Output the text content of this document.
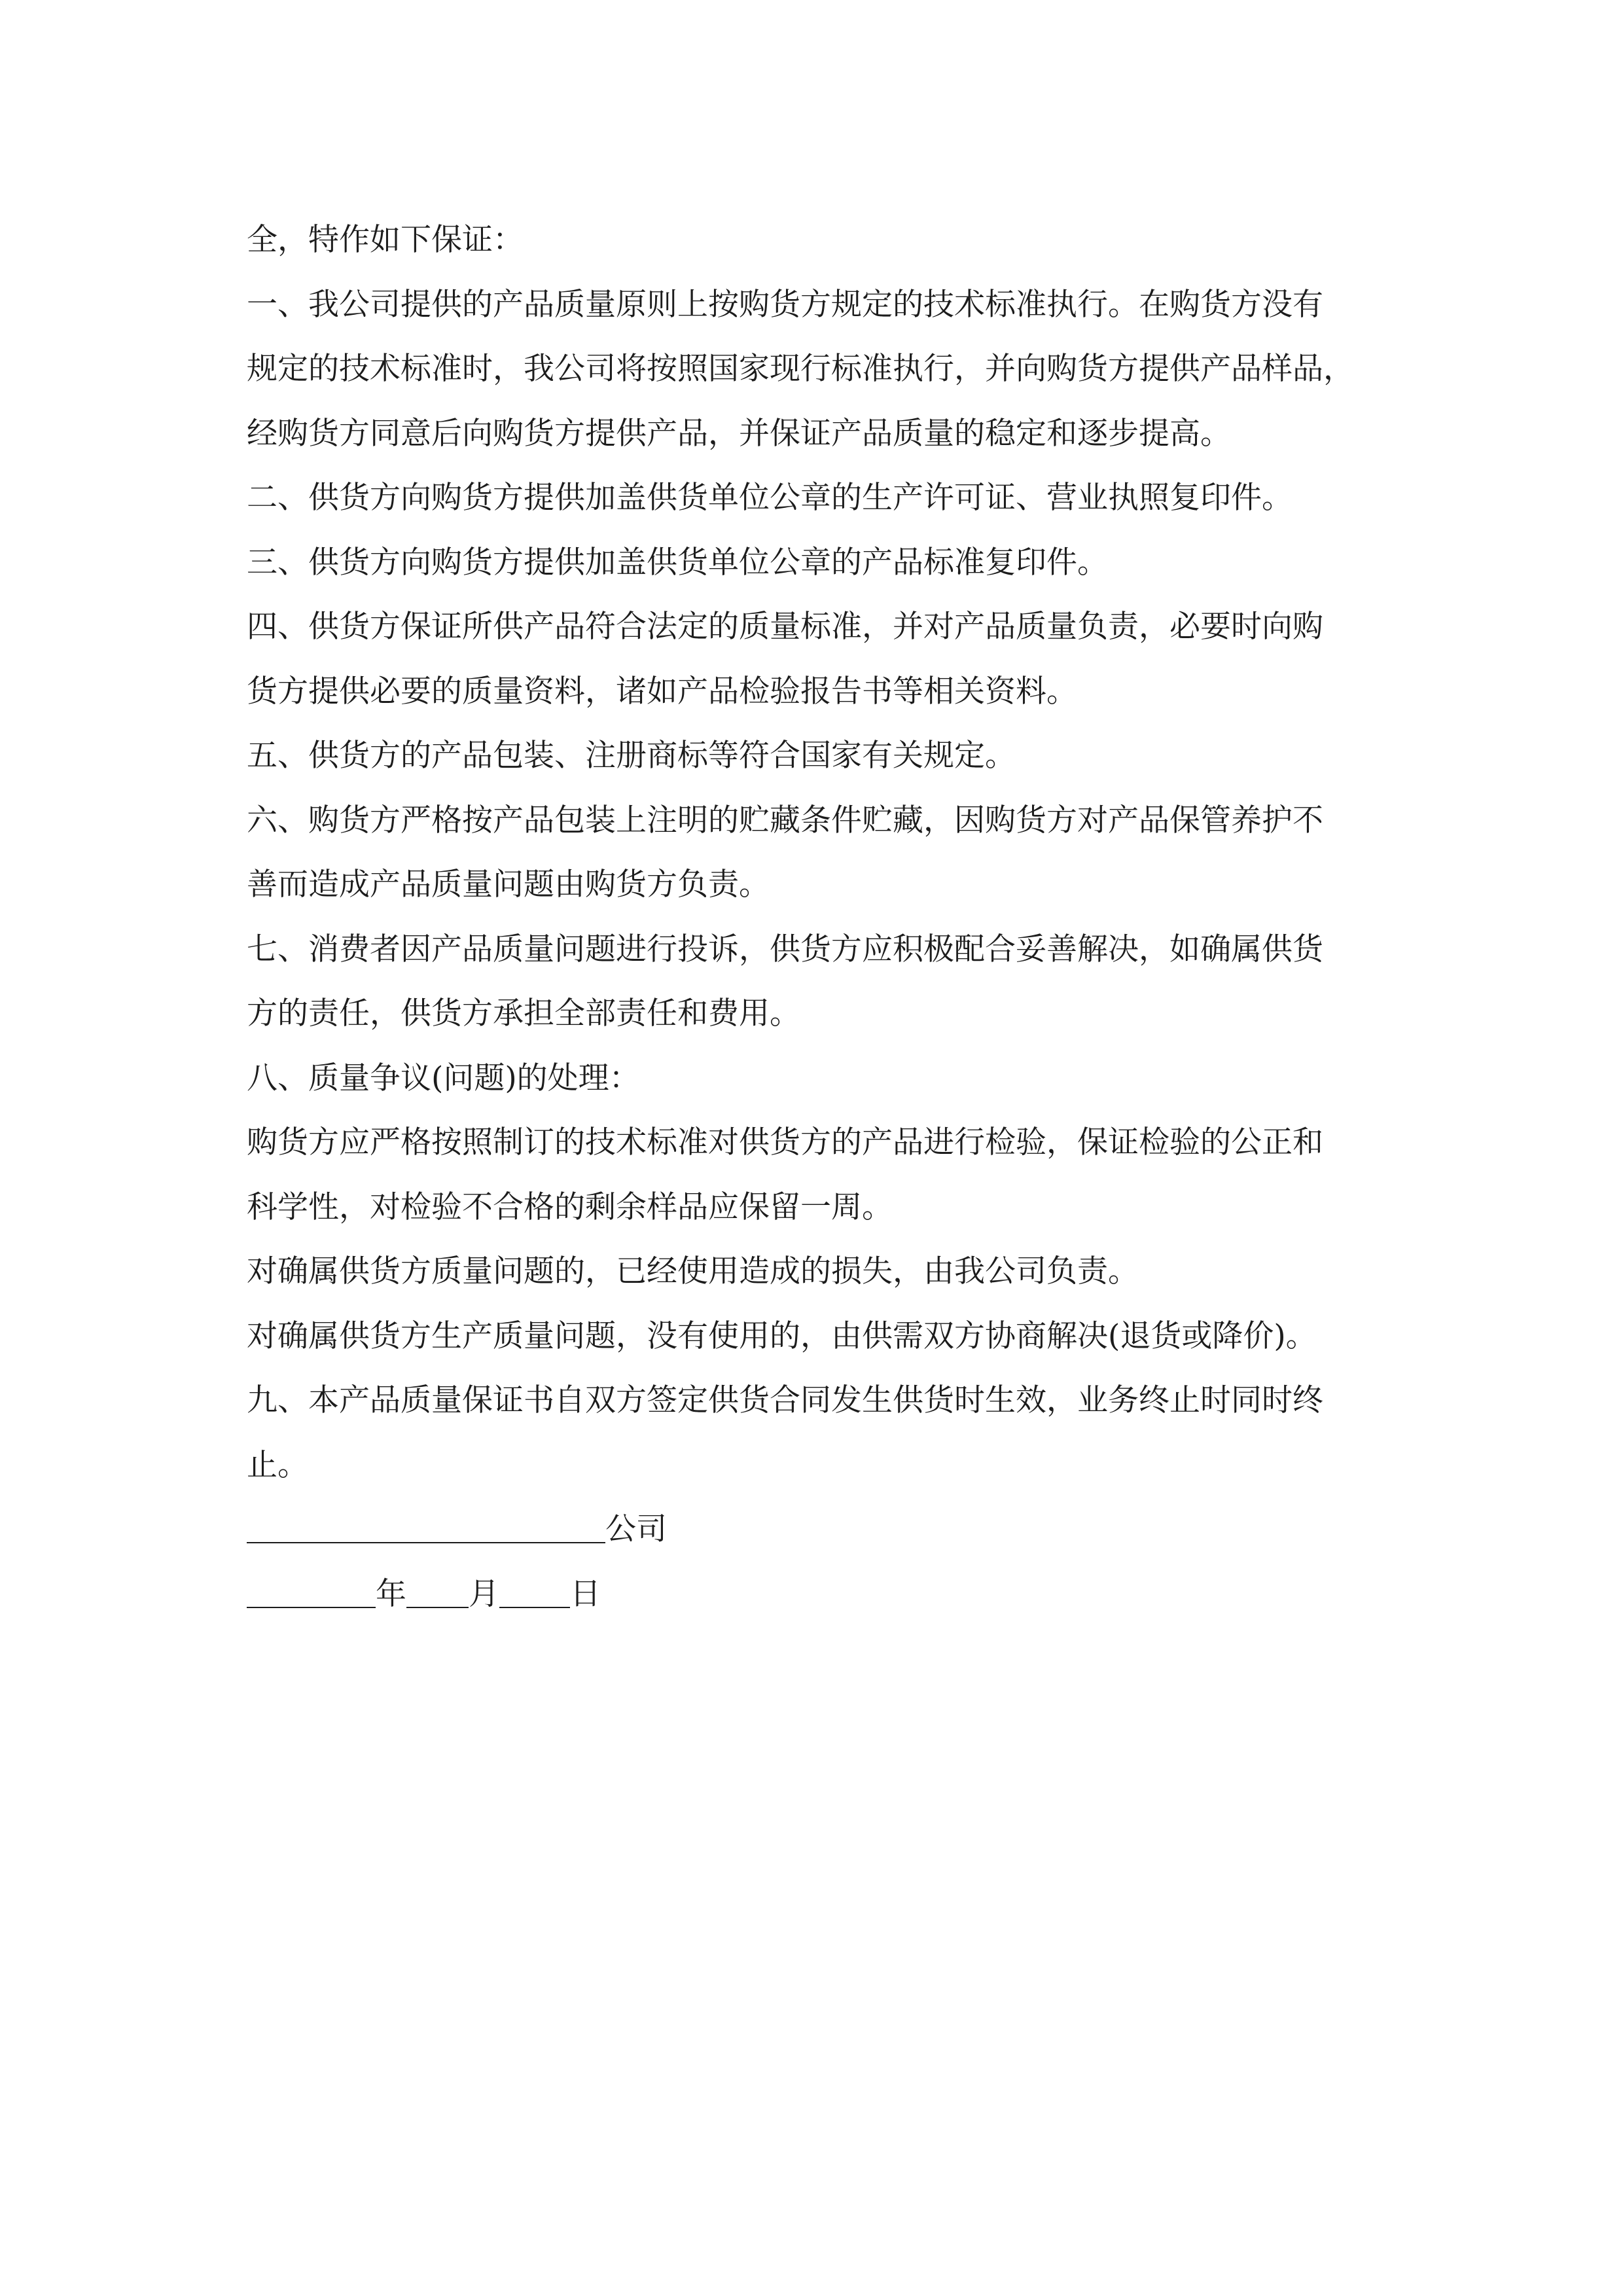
全，特作如下保证：

一、我公司提供的产品质量原则上按购货方规定的技术标准执行。在购货方没有

规定的技术标准时，我公司将按照国家现行标准执行，并向购货方提供产品样品，

经购货方同意后向购货方提供产品，并保证产品质量的稳定和逐步提高。

二、供货方向购货方提供加盖供货单位公章的生产许可证、营业执照复印件。

三、供货方向购货方提供加盖供货单位公章的产品标准复印件。

四、供货方保证所供产品符合法定的质量标准，并对产品质量负责，必要时向购

货方提供必要的质量资料，诸如产品检验报告书等相关资料。

五、供货方的产品包装、注册商标等符合国家有关规定。

六、购货方严格按产品包装上注明的贮藏条件贮藏，因购货方对产品保管养护不

善而造成产品质量问题由购货方负责。

七、消费者因产品质量问题进行投诉，供货方应积极配合妥善解决，如确属供货

方的责任，供货方承担全部责任和费用。

八、质量争议(问题)的处理：

购货方应严格按照制订的技术标准对供货方的产品进行检验，保证检验的公正和

科学性，对检验不合格的剩余样品应保留一周。

对确属供货方质量问题的，已经使用造成的损失，由我公司负责。

对确属供货方生产质量问题，没有使用的，由供需双方协商解决(退货或降价)。

九、本产品质量保证书自双方签定供货合同发生供货时生效，业务终止时同时终

止。

公司

年 月 日
